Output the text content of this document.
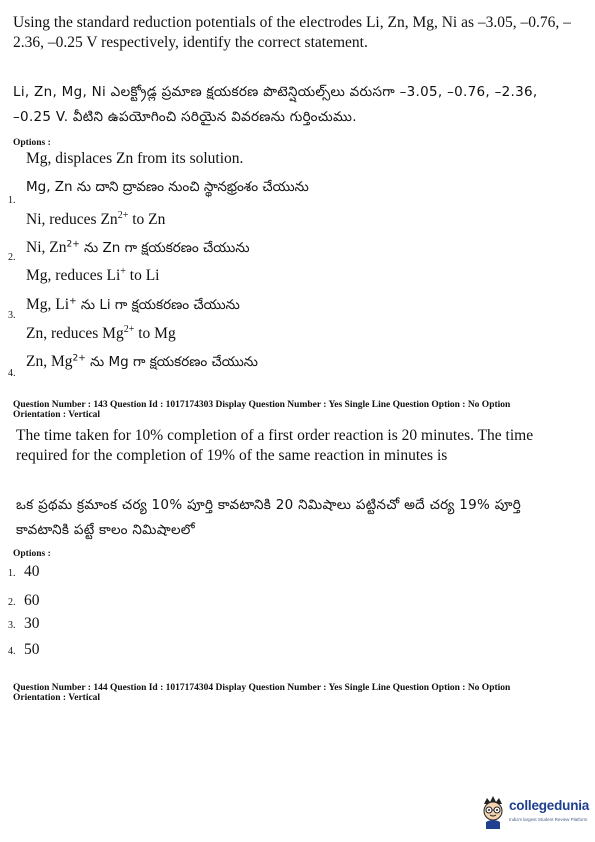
Using the standard reduction potentials of the electrodes Li, Zn, Mg, Ni as –3.05, –0.76, –2.36, –0.25 V respectively, identify the correct statement.
Li, Zn, Mg, Ni ఎలక్ట్రోడ్ల ప్రమాణ క్షయకరణ పొటెన్షియల్స్‌లు వరుసగా –3.05, –0.76, –2.36,
–0.25 V. వీటిని ఉపయోగించి సరియైన వివరణను గుర్తించుము.
Options :
Mg, displaces Zn from its solution.
1.
Mg, Zn ను దాని ద్రావణం నుంచి స్థానభ్రంశం చేయును
Ni, reduces $Zn^{2+}$ to Zn
2.
Ni, $Zn^{2+}$ ను Zn గా క్షయకరణం చేయును
Mg, reduces Li+ to Li
3.
Mg, Li+ ను Li గా క్షయకరణం చేయును
Zn, reduces $Mg^{2+}$ to Mg
4.
Zn, $Mg^{2+}$ ను Mg గా క్షయకరణం చేయును
Question Number : 143 Question Id : 1017174303 Display Question Number : Yes Single Line Question Option : No Option
Orientation : Vertical
The time taken for 10% completion of a first order reaction is 20 minutes. The time required for the completion of 19% of the same reaction in minutes is
ఒక ప్రథమ క్రమాంక చర్య 10% పూర్తి కావటానికి 20 నిమిషాలు పట్టినచో అదే చర్య 19% పూర్తి
కావటానికి పట్టే కాలం నిమిషాలలో
Options :
1. 40
2. 60
3. 30
4. 50
Question Number : 144 Question Id : 1017174304 Display Question Number : Yes Single Line Question Option : No Option
Orientation : Vertical
collegedunia
India's largest Student Review Platform
